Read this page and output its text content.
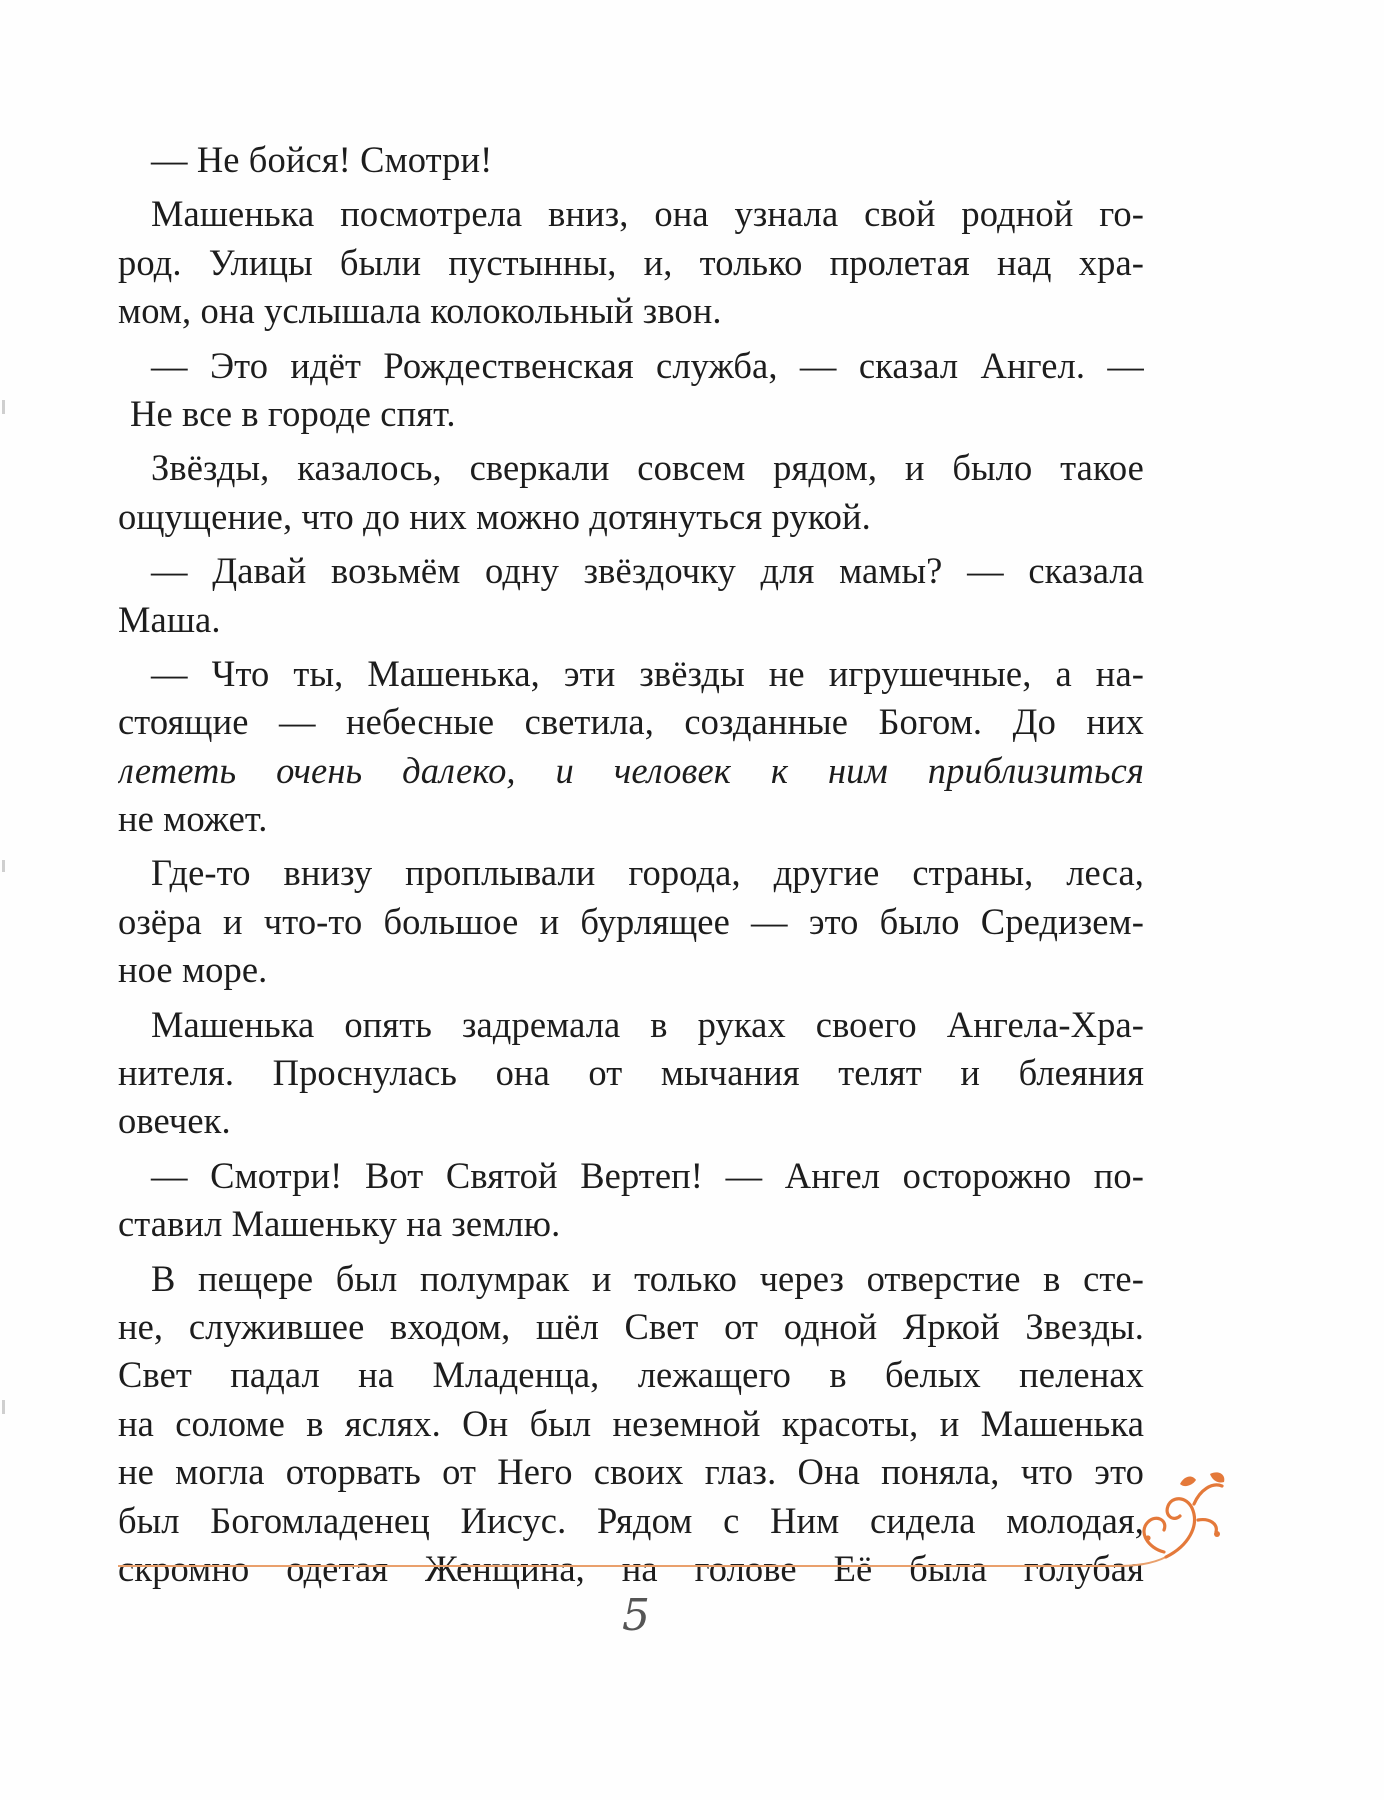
— Не бойся! Смотри!
Машенька посмотрела вниз, она узнала свой родной го-
род. Улицы были пустынны, и, только пролетая над хра-
мом, она услышала колокольный звон.
— Это идёт Рождественская служба, — сказал Ангел. —
Не все в городе спят.
Звёзды, казалось, сверкали совсем рядом, и было такое
ощущение, что до них можно дотянуться рукой.
— Давай возьмём одну звёздочку для мамы? — сказала
Маша.
— Что ты, Машенька, эти звёзды не игрушечные, а на-
стоящие — небесные светила, созданные Богом. До них
лететь очень далеко, и человек к ним приблизиться
не может.
Где-то внизу проплывали города, другие страны, леса,
озёра и что-то большое и бурлящее — это было Средизем-
ное море.
Машенька опять задремала в руках своего Ангела-Хра-
нителя. Проснулась она от мычания телят и блеяния
овечек.
— Смотри! Вот Святой Вертеп! — Ангел осторожно по-
ставил Машеньку на землю.
В пещере был полумрак и только через отверстие в сте-
не, служившее входом, шёл Свет от одной Яркой Звезды.
Свет падал на Младенца, лежащего в белых пеленах
на соломе в яслях. Он был неземной красоты, и Машенька
не могла оторвать от Него своих глаз. Она поняла, что это
был Богомладенец Иисус. Рядом с Ним сидела молодая,
скромно одетая Женщина, на голове Её была голубая
5
